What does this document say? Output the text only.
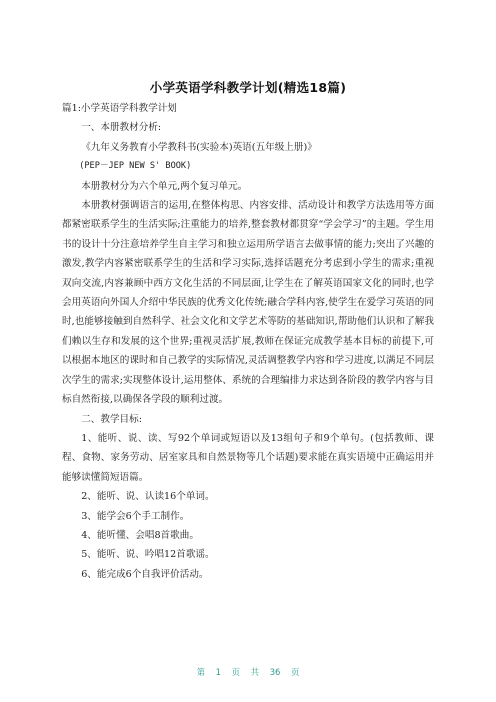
小学英语学科教学计划(精选18篇)

篇1:小学英语学科教学计划

一、本册教材分析:

《九年义务教育小学教科书(实验本)英语(五年级上册)》

(PEP－JEP NEW S' BOOK)

本册教材分为六个单元,两个复习单元。

本册教材强调语言的运用,在整体构思、内容安排、活动设计和教学方法选用等方面都紧密联系学生的生活实际;注重能力的培养,整套教材都贯穿“学会学习”的主题。学生用书的设计十分注意培养学生自主学习和独立运用所学语言去做事情的能力;突出了兴趣的激发,教学内容紧密联系学生的生活和学习实际,选择话题充分考虑到小学生的需求;重视双向交流,内容兼顾中西方文化生活的不同层面,让学生在了解英语国家文化的同时,也学会用英语向外国人介绍中华民族的优秀文化传统;融合学科内容,使学生在爱学习英语的同时,也能够接触到自然科学、社会文化和文学艺术等防的基础知识,帮助他们认识和了解我们赖以生存和发展的这个世界;重视灵活扩展,教师在保证完成教学基本目标的前提下,可以根据本地区的课时和自己教学的实际情况,灵活调整教学内容和学习进度,以满足不同层次学生的需求;实现整体设计,运用整体、系统的合理编排力求达到各阶段的教学内容与目标自然衔接,以确保各学段的顺利过渡。

二、教学目标:

1、能听、说、读、写92个单词或短语以及13组句子和9个单句。(包括教师、课程、食物、家务劳动、居室家具和自然景物等几个话题)要求能在真实语境中正确运用并能够读懂简短语篇。

2、能听、说、认读16个单词。

3、能学会6个手工制作。

4、能听懂、会唱8首歌曲。

5、能听、说、吟唱12首歌谣。

6、能完成6个自我评价活动。

第 1 页 共 36 页
